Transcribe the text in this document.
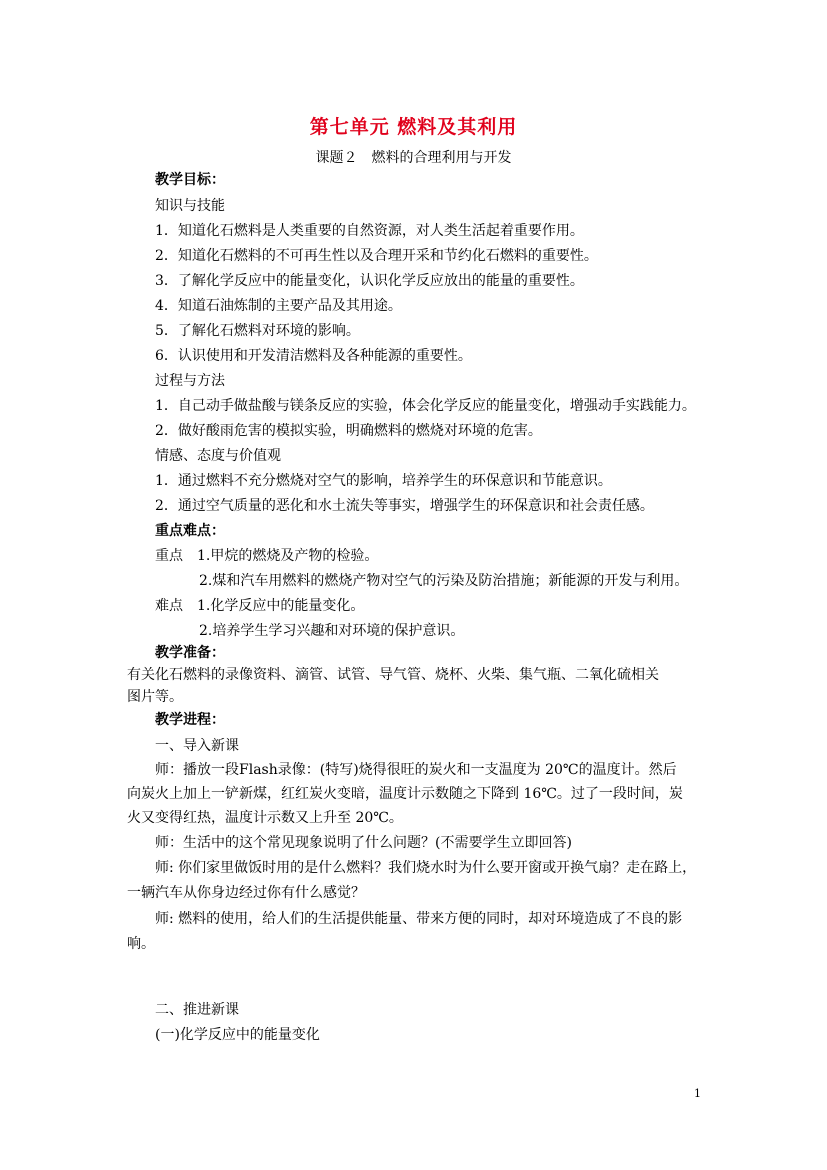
第七单元 燃料及其利用
课题２　燃料的合理利用与开发
教学目标：
知识与技能
1．知道化石燃料是人类重要的自然资源，对人类生活起着重要作用。
2．知道化石燃料的不可再生性以及合理开采和节约化石燃料的重要性。
3．了解化学反应中的能量变化，认识化学反应放出的能量的重要性。
4．知道石油炼制的主要产品及其用途。
5．了解化石燃料对环境的影响。
6．认识使用和开发清洁燃料及各种能源的重要性。
过程与方法
1．自己动手做盐酸与镁条反应的实验，体会化学反应的能量变化，增强动手实践能力。
2．做好酸雨危害的模拟实验，明确燃料的燃烧对环境的危害。
情感、态度与价值观
1．通过燃料不充分燃烧对空气的影响，培养学生的环保意识和节能意识。
2．通过空气质量的恶化和水土流失等事实，增强学生的环保意识和社会责任感。
重点难点：
重点　1.甲烷的燃烧及产物的检验。
2.煤和汽车用燃料的燃烧产物对空气的污染及防治措施；新能源的开发与利用。
难点　1.化学反应中的能量变化。
2.培养学生学习兴趣和对环境的保护意识。
教学准备：
有关化石燃料的录像资料、滴管、试管、导气管、烧杯、火柴、集气瓶、二氧化硫相关
图片等。
教学进程：
一、导入新课
师：播放一段Flash录像：(特写)烧得很旺的炭火和一支温度为 20℃的温度计。然后
向炭火上加上一铲新煤，红红炭火变暗，温度计示数随之下降到 16℃。过了一段时间，炭
火又变得红热，温度计示数又上升至 20℃。
师：生活中的这个常见现象说明了什么问题？(不需要学生立即回答)
师: 你们家里做饭时用的是什么燃料？我们烧水时为什么要开窗或开换气扇？走在路上，
一辆汽车从你身边经过你有什么感觉？
师: 燃料的使用，给人们的生活提供能量、带来方便的同时，却对环境造成了不良的影
响。
二、推进新课
(一)化学反应中的能量变化
1
